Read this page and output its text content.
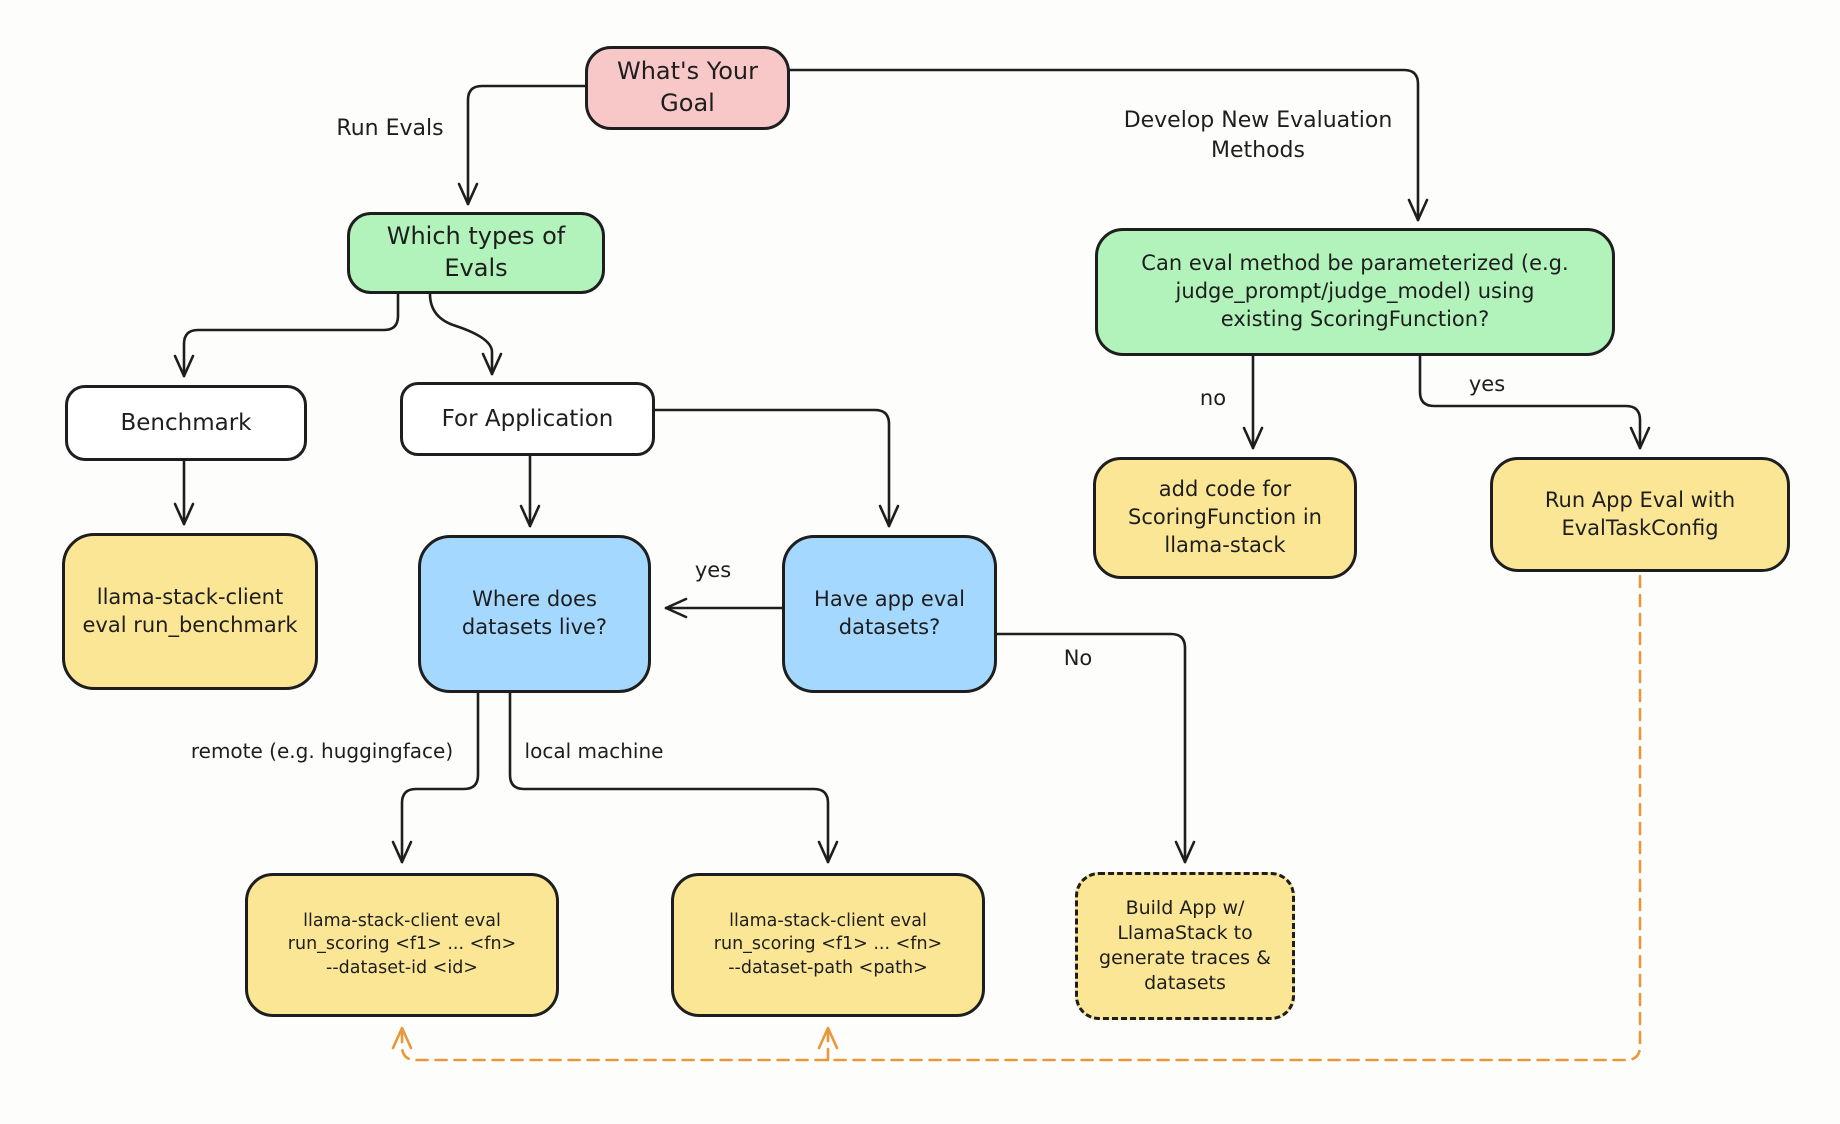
What's Your
Goal
Which types of
Evals	Can eval method be parameterized (e.g.
judge_prompt/judge_model) using
existing ScoringFunction?
Benchmark	For Application
llama-stack-client
eval run_benchmark
Where does
datasets live?
Have app eval
datasets?
add code for
ScoringFunction in
llama-stack
Run App Eval with
EvalTaskConfig
llama-stack-client eval
run_scoring <f1> ... <fn>
--dataset-id <id>
llama-stack-client eval
run_scoring <f1> ... <fn>
--dataset-path <path>
Build App w/
LlamaStack to
generate traces &
datasets
Run Evals	Develop New Evaluation
Methods
no
yes
yes
No
remote (e.g. huggingface)	local machine
